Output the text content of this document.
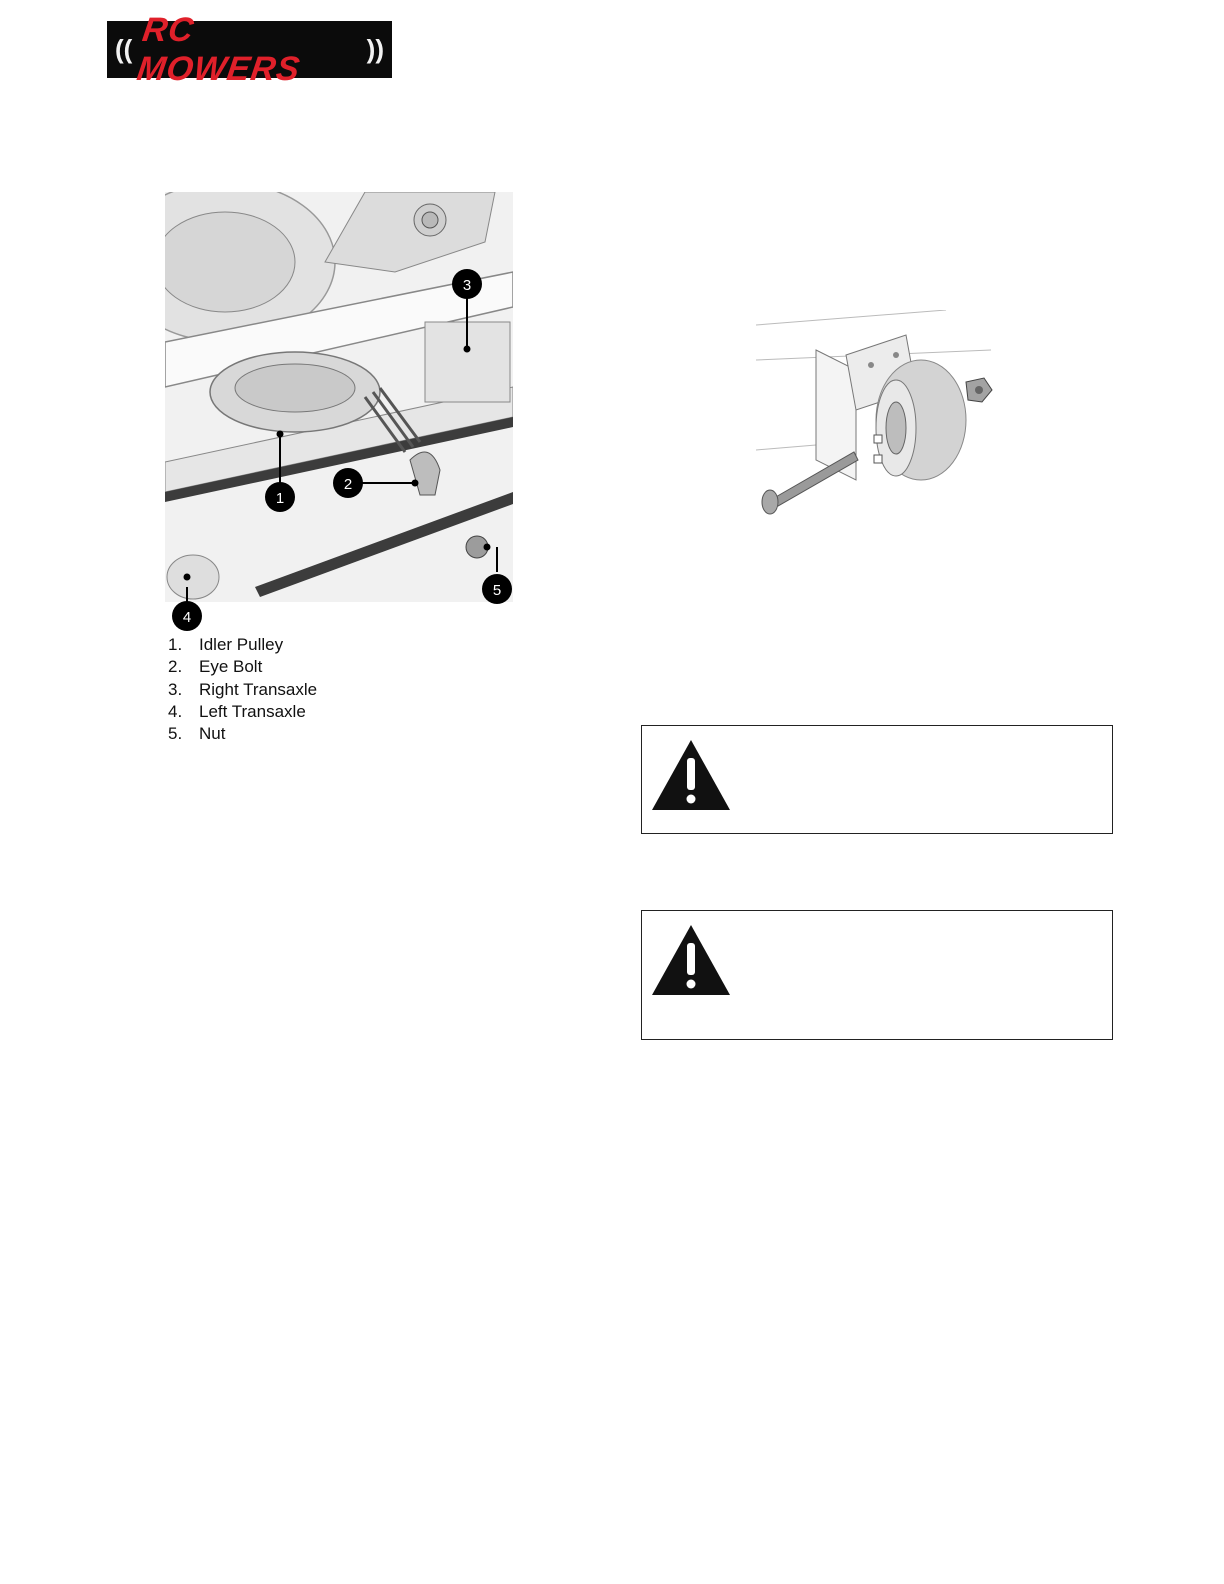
((
RC MOWERS
))
1
2
3
4
5
1. Idler Pulley
2. Eye Bolt
3. Right Transaxle
4. Left Transaxle
5. Nut
